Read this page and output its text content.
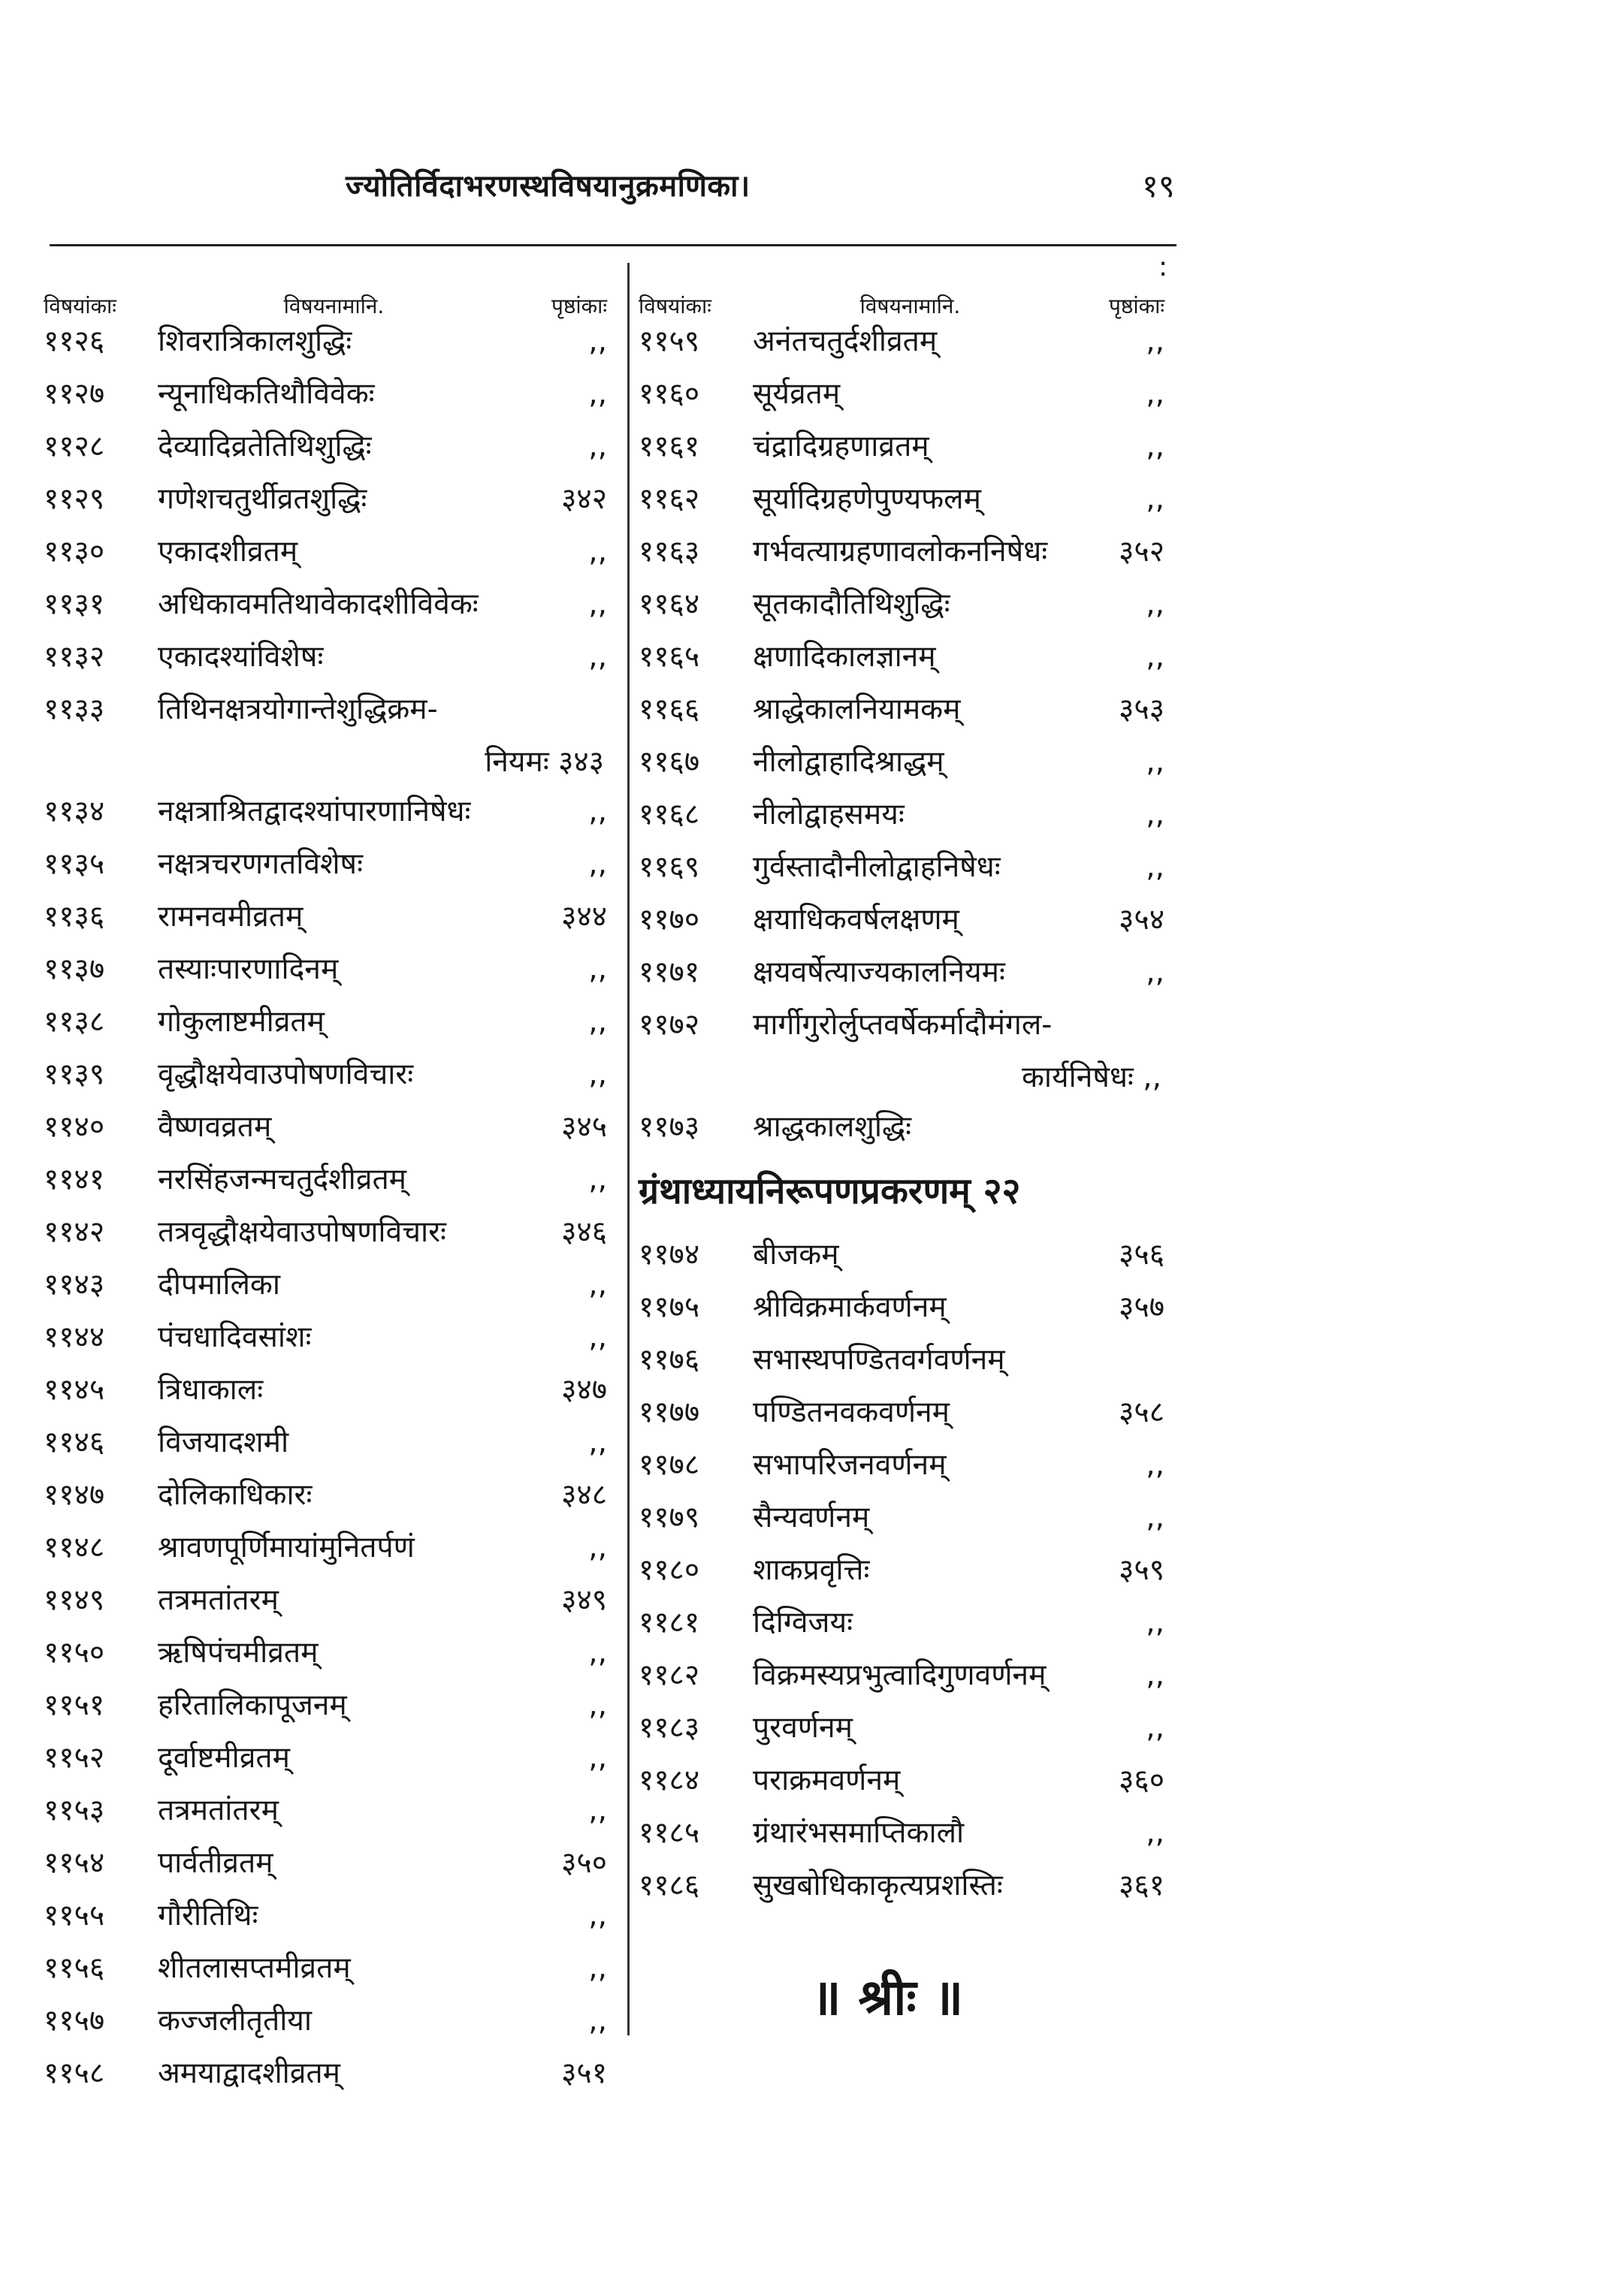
ज्योतिर्विदाभरणस्थविषयानुक्रमणिका।	१९
:
विषयांकाः	विषयनामानि.	पृष्ठांकाः
११२६	शिवरात्रिकालशुद्धिः	,,
११२७	न्यूनाधिकतिथौविवेकः	,,
११२८	देव्यादिव्रतेतिथिशुद्धिः	,,
११२९	गणेशचतुर्थीव्रतशुद्धिः	३४२
११३०	एकादशीव्रतम्	,,
११३१	अधिकावमतिथावेकादशीविवेकः	,,
११३२	एकादश्यांविशेषः	,,
११३३	तिथिनक्षत्रयोगान्तेशुद्धिक्रम-
नियमः ३४३
११३४	नक्षत्राश्रितद्वादश्यांपारणानिषेधः	,,
११३५	नक्षत्रचरणगतविशेषः	,,
११३६	रामनवमीव्रतम्	३४४
११३७	तस्याःपारणादिनम्	,,
११३८	गोकुलाष्टमीव्रतम्	,,
११३९	वृद्धौक्षयेवाउपोषणविचारः	,,
११४०	वैष्णवव्रतम्	३४५
११४१	नरसिंहजन्मचतुर्दशीव्रतम्	,,
११४२	तत्रवृद्धौक्षयेवाउपोषणविचारः	३४६
११४३	दीपमालिका	,,
११४४	पंचधादिवसांशः	,,
११४५	त्रिधाकालः	३४७
११४६	विजयादशमी	,,
११४७	दोलिकाधिकारः	३४८
११४८	श्रावणपूर्णिमायांमुनितर्पणं	,,
११४९	तत्रमतांतरम्	३४९
११५०	ऋषिपंचमीव्रतम्	,,
११५१	हरितालिकापूजनम्	,,
११५२	दूर्वाष्टमीव्रतम्	,,
११५३	तत्रमतांतरम्	,,
११५४	पार्वतीव्रतम्	३५०
११५५	गौरीतिथिः	,,
११५६	शीतलासप्तमीव्रतम्	,,
११५७	कज्जलीतृतीया	,,
११५८	अमयाद्वादशीव्रतम्	३५१
विषयांकाः	विषयनामानि.	पृष्ठांकाः
११५९	अनंतचतुर्दशीव्रतम्	,,
११६०	सूर्यव्रतम्	,,
११६१	चंद्रादिग्रहणाव्रतम्	,,
११६२	सूर्यादिग्रहणेपुण्यफलम्	,,
११६३	गर्भवत्याग्रहणावलोकननिषेधः	३५२
११६४	सूतकादौतिथिशुद्धिः	,,
११६५	क्षणादिकालज्ञानम्	,,
११६६	श्राद्धेकालनियामकम्	३५३
११६७	नीलोद्वाहादिश्राद्धम्	,,
११६८	नीलोद्वाहसमयः	,,
११६९	गुर्वस्तादौनीलोद्वाहनिषेधः	,,
११७०	क्षयाधिकवर्षलक्षणम्	३५४
११७१	क्षयवर्षेत्याज्यकालनियमः	,,
११७२	मार्गीगुरोर्लुप्तवर्षेकर्मादौमंगल-
कार्यनिषेधः ,,
११७३	श्राद्धकालशुद्धिः
ग्रंथाध्यायनिरूपणप्रकरणम् २२
११७४	बीजकम्	३५६
११७५	श्रीविक्रमार्कवर्णनम्	३५७
११७६	सभास्थपण्डितवर्गवर्णनम्
११७७	पण्डितनवकवर्णनम्	३५८
११७८	सभापरिजनवर्णनम्	,,
११७९	सैन्यवर्णनम्	,,
११८०	शाकप्रवृत्तिः	३५९
११८१	दिग्विजयः	,,
११८२	विक्रमस्यप्रभुत्वादिगुणवर्णनम्	,,
११८३	पुरवर्णनम्	,,
११८४	पराक्रमवर्णनम्	३६०
११८५	ग्रंथारंभसमाप्तिकालौ	,,
११८६	सुखबोधिकाकृत्यप्रशस्तिः	३६१
॥ श्रीः ॥
